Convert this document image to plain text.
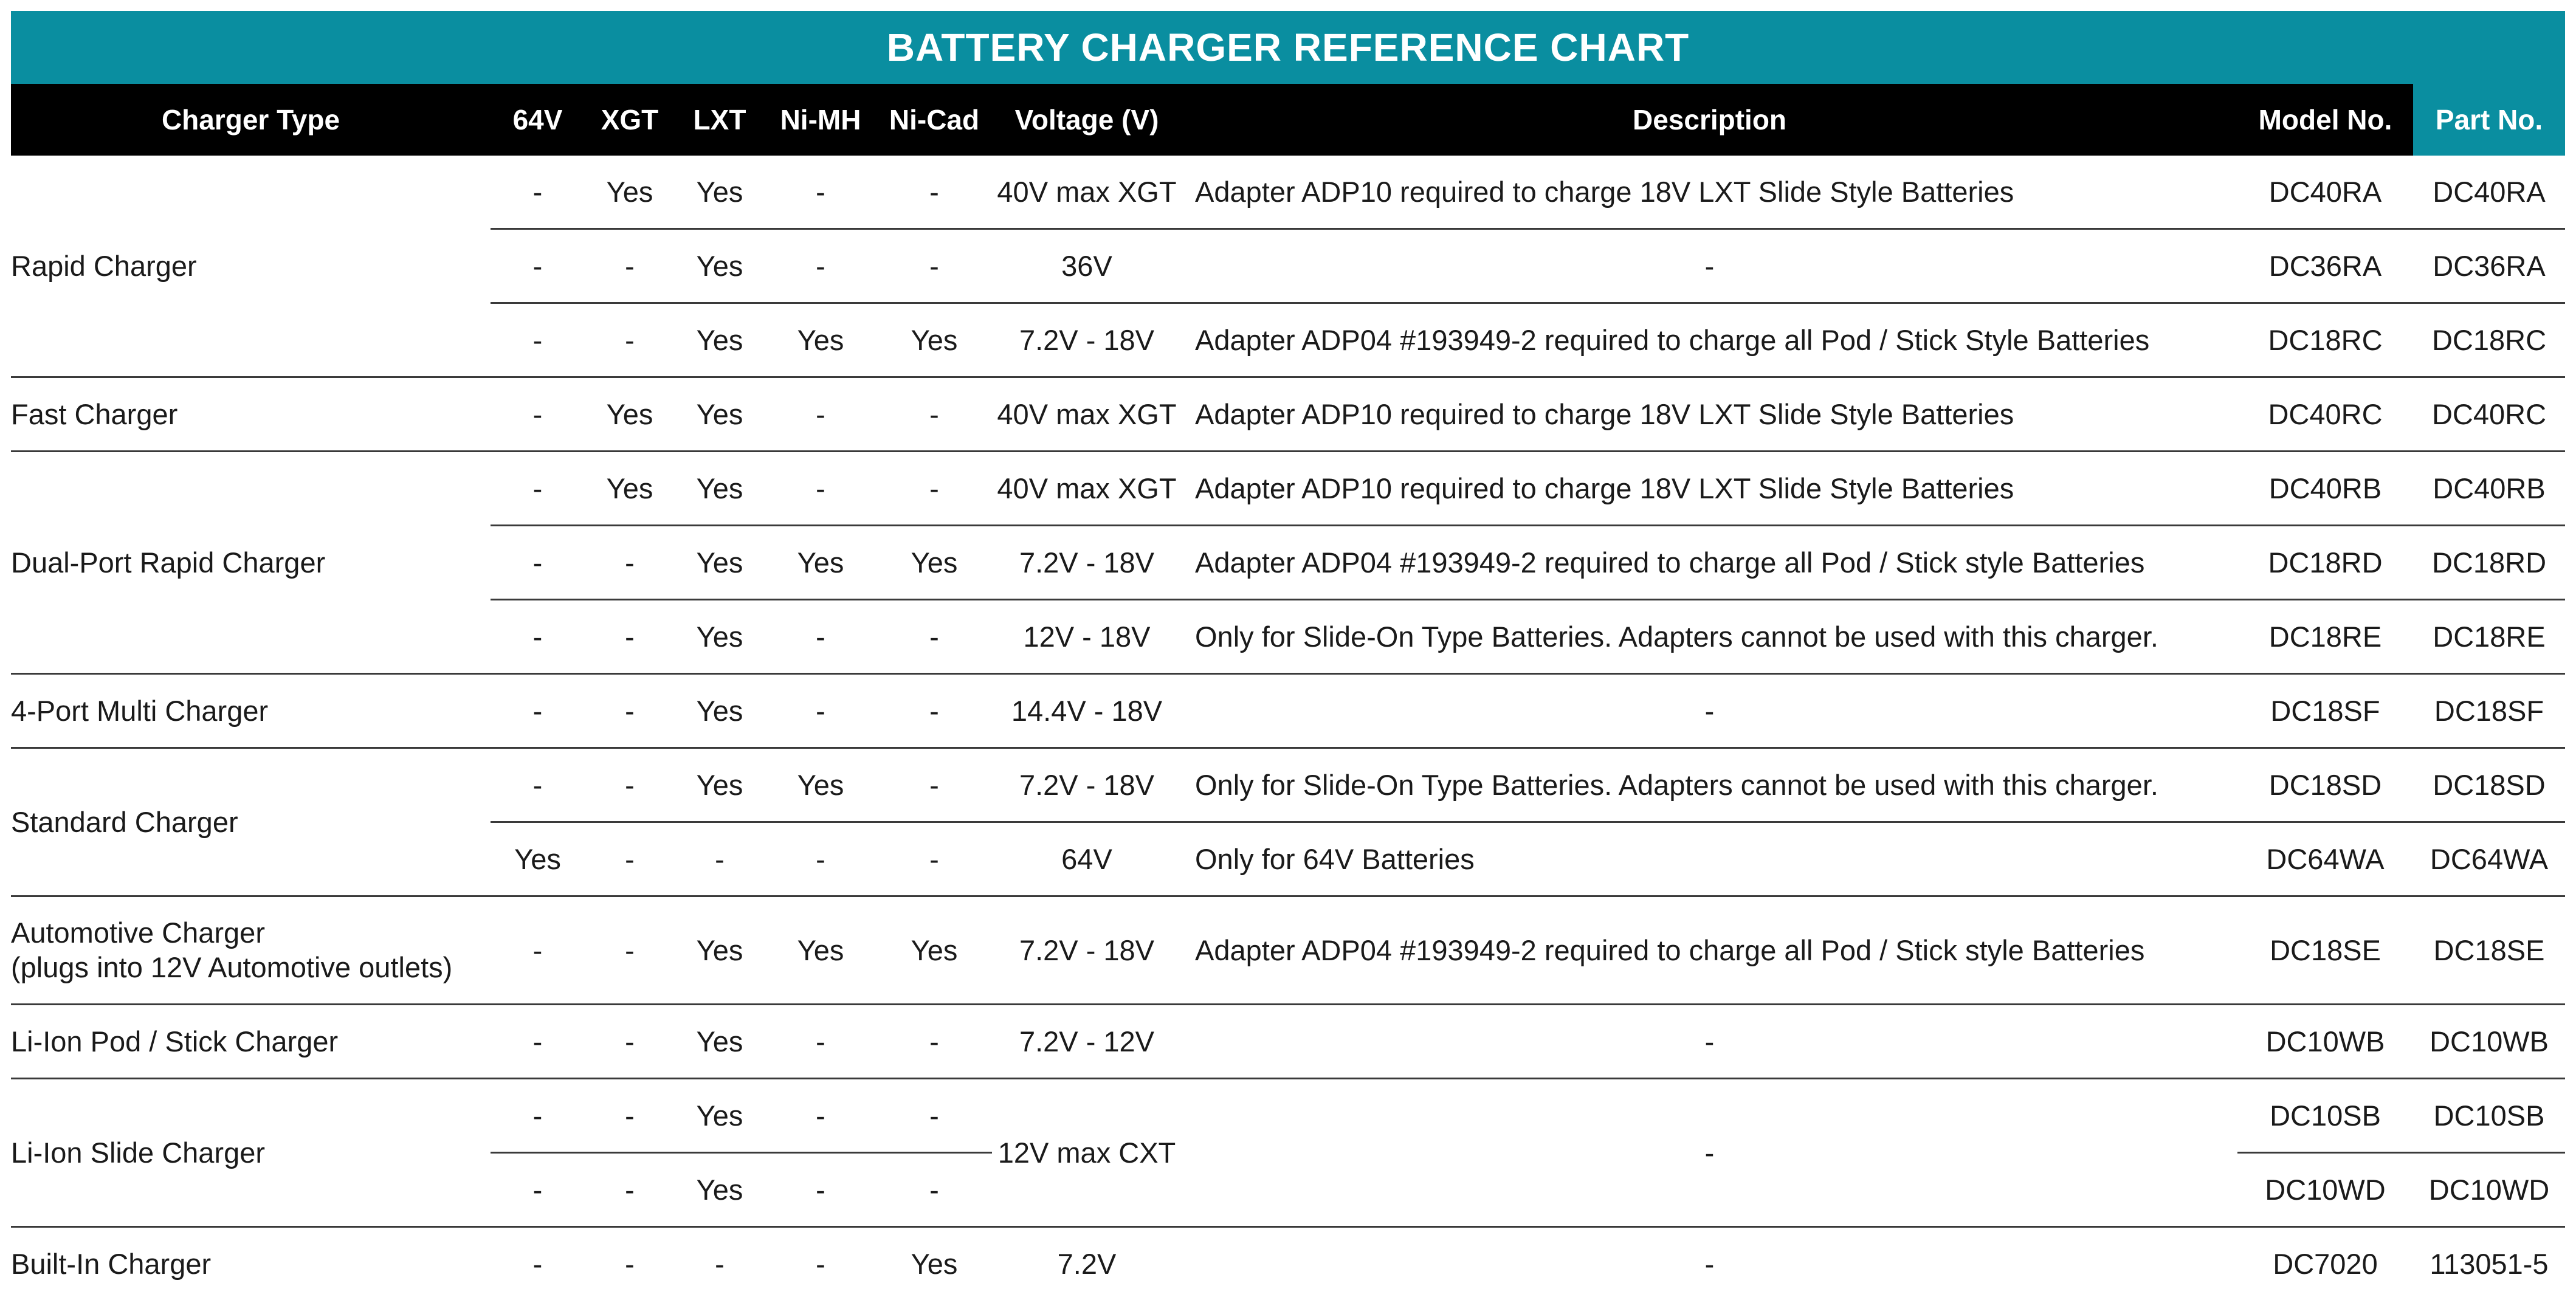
BATTERY CHARGER REFERENCE CHART
Charger Type	64V	XGT	LXT	Ni-MH	Ni-Cad	Voltage (V)	Description	Model No.	Part No.
Rapid Charger	-	Yes	Yes	-	-	40V max XGT	Adapter ADP10 required to charge 18V LXT Slide Style Batteries	DC40RA	DC40RA
	-	-	Yes	-	-	36V	-	DC36RA	DC36RA
	-	-	Yes	Yes	Yes	7.2V - 18V	Adapter ADP04 #193949-2 required to charge all Pod / Stick Style Batteries	DC18RC	DC18RC
Fast Charger	-	Yes	Yes	-	-	40V max XGT	Adapter ADP10 required to charge 18V LXT Slide Style Batteries	DC40RC	DC40RC
Dual-Port Rapid Charger	-	Yes	Yes	-	-	40V max XGT	Adapter ADP10 required to charge 18V LXT Slide Style Batteries	DC40RB	DC40RB
	-	-	Yes	Yes	Yes	7.2V - 18V	Adapter ADP04 #193949-2 required to charge all Pod / Stick style Batteries	DC18RD	DC18RD
	-	-	Yes	-	-	12V - 18V	Only for Slide-On Type Batteries. Adapters cannot be used with this charger.	DC18RE	DC18RE
4-Port Multi Charger	-	-	Yes	-	-	14.4V - 18V	-	DC18SF	DC18SF
Standard Charger	-	-	Yes	Yes	-	7.2V - 18V	Only for Slide-On Type Batteries. Adapters cannot be used with this charger.	DC18SD	DC18SD
	Yes	-	-	-	-	64V	Only for 64V Batteries	DC64WA	DC64WA
Automotive Charger
(plugs into 12V Automotive outlets)	-	-	Yes	Yes	Yes	7.2V - 18V	Adapter ADP04 #193949-2 required to charge all Pod / Stick style Batteries	DC18SE	DC18SE
Li-Ion Pod / Stick Charger	-	-	Yes	-	-	7.2V - 12V	-	DC10WB	DC10WB
Li-Ion Slide Charger	-	-	Yes	-	-	12V max CXT	-	DC10SB	DC10SB
	-	-	Yes	-	-			DC10WD	DC10WD
Built-In Charger	-	-	-	-	Yes	7.2V	-	DC7020	113051-5
